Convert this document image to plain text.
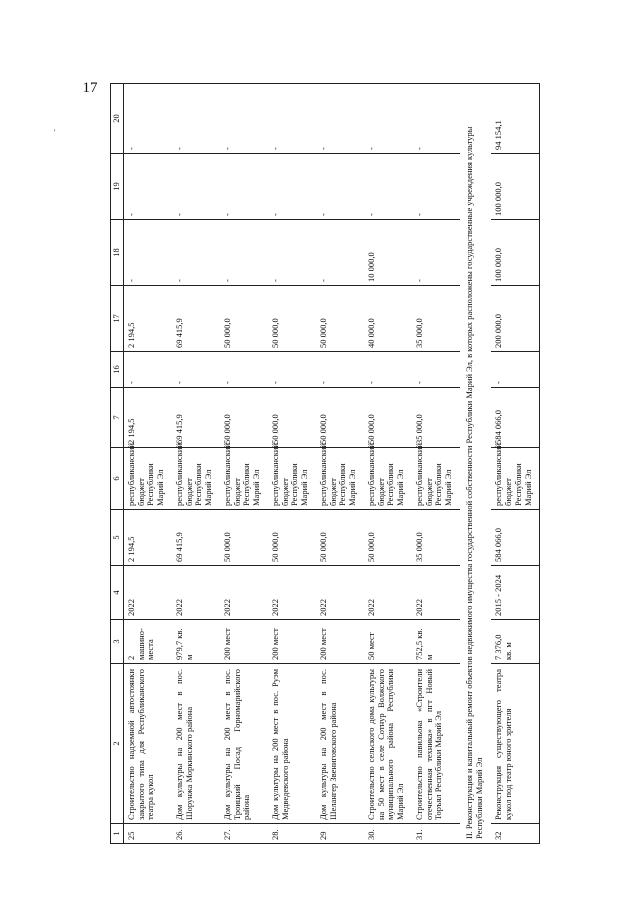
17
'
1	2	3	4	5	6	7	16	17	18	19	20
25	Строительство надземной автостоянки закрытого типа для Республиканского театра кукол	2 машино-места	2022	2 194,5	республиканский бюджет Республики Марий Эл	2 194,5	-	2 194,5	-	-	-
26.	Дом культуры на 200 мест в пос. Шорунжа Моркинского района	979,7 кв. м	2022	69 415,9	республиканский бюджет Республики Марий Эл	69 415,9	-	69 415,9	-	-	-
27.	Дом культуры на 200 мест в пос. Троицкий Посад Горномарийского района	200 мест	2022	50 000,0	республиканский бюджет Республики Марий Эл	50 000,0	-	50 000,0	-	-	-
28.	Дом культуры на 200 мест в пос. Руэм Медведевского района	200 мест	2022	50 000,0	республиканский бюджет Республики Марий Эл	50 000,0	-	50 000,0	-	-	-
29	Дом культуры на 200 мест в пос. Шелангер Звениговского района	200 мест	2022	50 000,0	республиканский бюджет Республики Марий Эл	50 000,0	-	50 000,0	-	-	-
30.	Строительство сельского дома культуры на 50 мест в селе Сотнур Волжского муниципального района Республики Марий Эл	50 мест	2022	50 000,0	республиканский бюджет Республики Марий Эл	50 000,0	-	40 000,0	10 000,0	-	-
31.	Строительство павильона «Строители отечественная техника» в пгт Новый Торъял Республики Марий Эл	752,5 кв. м	2022	35 000,0	республиканский бюджет Республики Марий Эл	35 000,0	-	35 000,0	-	-	-
II. Реконструкция и капитальный ремонт объектов недвижимого имущества государственной собственности Республики Марий Эл, в которых расположены государственные учреждения культуры Республики Марий Эл											
32	Реконструкция существующего театра кукол под театр юного зрителя	7 376,0 кв. м	2015 - 2024	584 066,0	республиканский бюджет Республики Марий Эл	584 066,0	-	200 000,0	100 000,0	100 000,0	94 154,1
